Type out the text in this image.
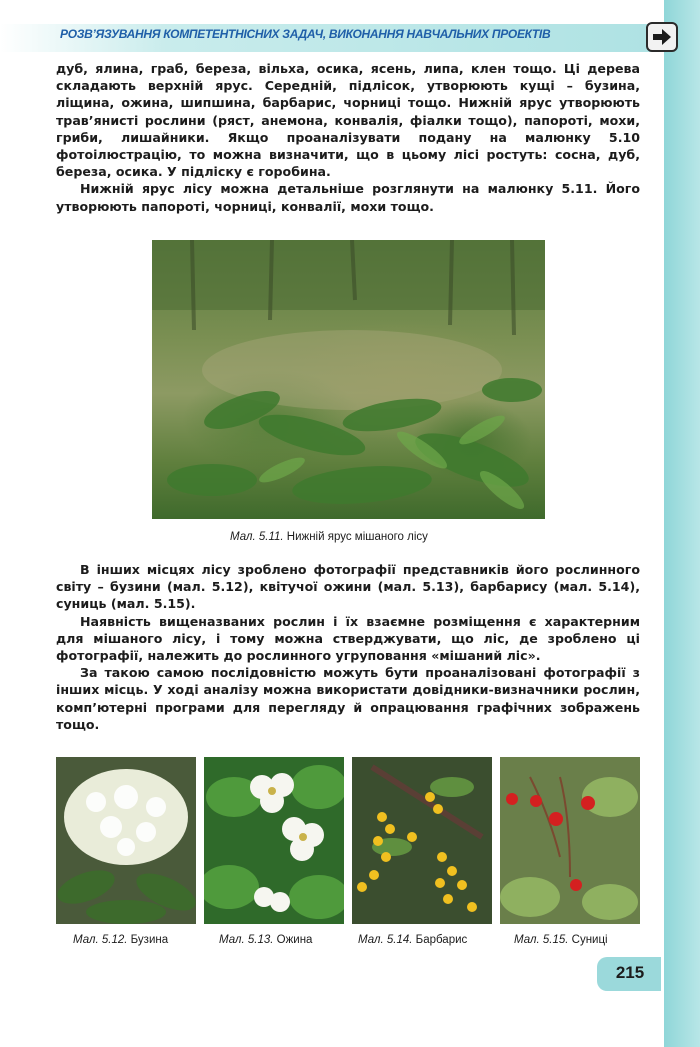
РОЗВ’ЯЗУВАННЯ КОМПЕТЕНТНІСНИХ ЗАДАЧ, ВИКОНАННЯ НАВЧАЛЬНИХ ПРОЕКТІВ

дуб, ялина, граб, береза, вільха, осика, ясень, липа, клен тощо. Ці дерева складають верхній ярус. Середній, підлісок, утворюють кущі – бузина, ліщина, ожина, шипшина, барбарис, чорниці тощо. Нижній ярус утворюють трав’янисті рослини (ряст, анемона, конвалія, фіалки тощо), папороті, мохи, гриби, лишайники. Якщо проаналізувати подану на малюнку 5.10 фотоілюстрацію, то можна визначити, що в цьому лісі ростуть: сосна, дуб, береза, осика. У підліску є горобина.

Нижній ярус лісу можна детальніше розглянути на малюнку 5.11. Його утворюють папороті, чорниці, конвалії, мохи тощо.

Мал. 5.11. Нижній ярус мішаного лісу

В інших місцях лісу зроблено фотографії представників його рослинного світу – бузини (мал. 5.12), квітучої ожини (мал. 5.13), барбарису (мал. 5.14), суниць (мал. 5.15).

Наявність вищеназваних рослин і їх взаємне розміщення є характерним для мішаного лісу, і тому можна стверджувати, що ліс, де зроблено ці фотографії, належить до рослинного угруповання «мішаний ліс».

За такою самою послідовністю можуть бути проаналізовані фотографії з інших місць. У ході аналізу можна використати довідники-визначники рослин, комп’ютерні програми для перегляду й опрацювання графічних зображень тощо.

Мал. 5.12. Бузина	Мал. 5.13. Ожина	Мал. 5.14. Барбарис	Мал. 5.15. Суниці
215
